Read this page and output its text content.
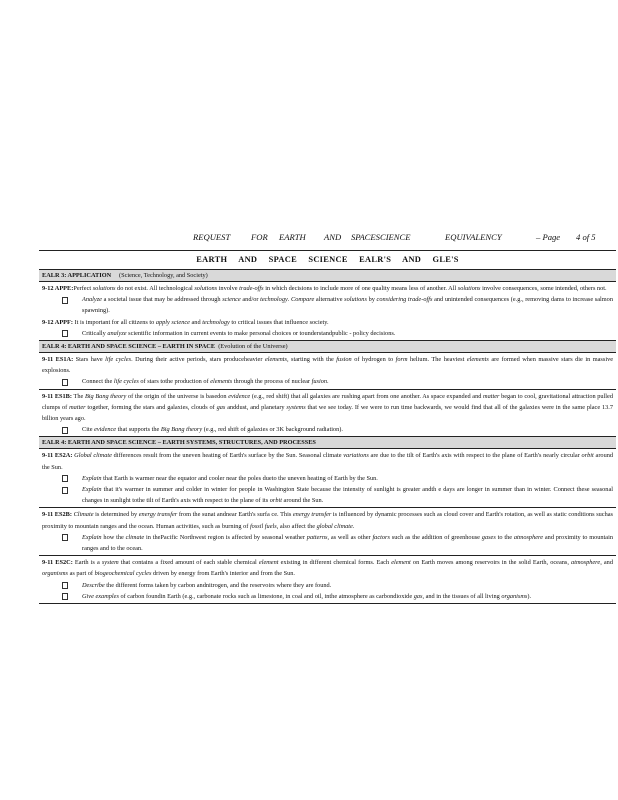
REQUEST FOR EARTH AND SPACESCIENCE	EQUIVALENCY	– Page 4 of 5
EARTH AND SPACE SCIENCE EALR'S AND GLE'S
EALR 3: APPLICATION (Science, Technology, and Society)
9-12 APPE:Perfect solutions do not exist. All technological solutions involve trade-offs in which decisions to include more of one quality means less of another. All solutions involve consequences, some intended, others not.
Analyze a societal issue that may be addressed through science and/or technology. Compare alternative solutions by considering trade-offs and unintended consequences (e.g., removing dams to increase salmon spawning).
9-12 APPF: It is important for all citizens to apply science and technology to critical issues that influence society.
Critically analyze scientific information in current events to make personal choices or tounderstandpublic - policy decisions.
EALR 4: EARTH AND SPACE SCIENCE – EARTH IN SPACE (Evolution of the Universe)
9-11 ES1A: Stars have life cycles. During their active periods, stars produceheavier elements, starting with the fusion of hydrogen to form helium. The heaviest elements are formed when massive stars die in massive explosions.
Connect the life cycles of stars tothe production of elements through the process of nuclear fusion.
9-11 ES1B: The Big Bang theory of the origin of the universe is basedon evidence (e.g., red shift) that all galaxies are rushing apart from one another. As space expanded and matter began to cool, gravitational attraction pulled clumps of matter together, forming the stars and galaxies, clouds of gas anddust, and planetary systems that we see today. If we were to run time backwards, we would find that all of the galaxies were in the same place 13.7 billion years ago.
Cite evidence that supports the Big Bang theory (e.g., red shift of galaxies or 3K background radiation).
EALR 4: EARTH AND SPACE SCIENCE – EARTH SYSTEMS, STRUCTURES, AND PROCESSES
9-11 ES2A: Global climate differences result from the uneven heating of Earth's surface by the Sun. Seasonal climate variations are due to the tilt of Earth's axis with respect to the plane of Earth's nearly circular orbit around the Sun.
Explain that Earth is warmer near the equator and cooler near the poles dueto the uneven heating of Earth by the Sun.
Explain that it's warmer in summer and colder in winter for people in Washington State because the intensity of sunlight is greater andth e days are longer in summer than in winter. Connect these seasonal changes in sunlight tothe tilt of Earth's axis with respect to the plane of its orbit around the Sun.
9-11 ES2B: Climate is determined by energy transfer from the sunat andnear Earth's surfa ce. This energy transfer is influenced by dynamic processes such as cloud cover and Earth's rotation, as well as static conditions suchas proximity to mountain ranges and the ocean. Human activities, such as burning of fossil fuels, also affect the global climate.
Explain how the climate in thePacific Northwest region is affected by seasonal weather patterns, as well as other factors such as the addition of greenhouse gases to the atmosphere and proximity to mountain ranges and to the ocean.
9-11 ES2C: Earth is a system that contains a fixed amount of each stable chemical element existing in different chemical forms. Each element on Earth moves among reservoirs in the solid Earth, oceans, atmosphere, and organisms as part of biogeochemical cycles driven by energy from Earth's interior and from the Sun.
Describe the different forms taken by carbon andnitrogen, and the reservoirs where they are found.
Give examples of carbon foundin Earth (e.g., carbonate rocks such as limestone, in coal and oil, inthe atmosphere as carbondioxide gas, and in the tissues of all living organisms).
